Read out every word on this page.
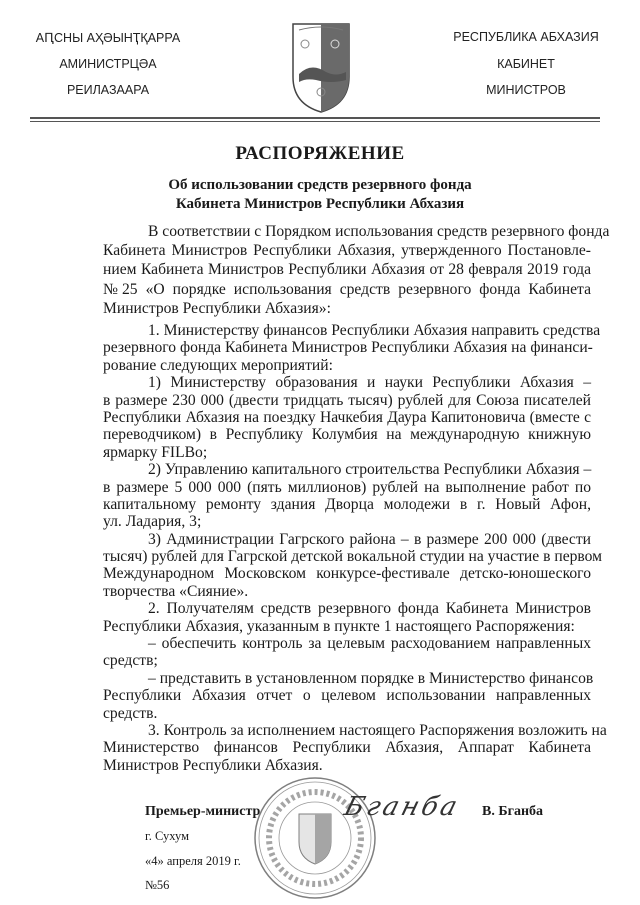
АԤСНЫ АҲӘЫНҬҚАРРА
АМИНИСТРЦӘА
РЕИЛАЗААРА
РЕСПУБЛИКА АБХАЗИЯ
КАБИНЕТ
МИНИСТРОВ
РАСПОРЯЖЕНИЕ
Об использовании средств резервного фонда
Кабинета Министров Республики Абхазия
В соответствии с Порядком использования средств резервного фонда
Кабинета Министров Республики Абхазия, утвержденного Постановле-
нием Кабинета Министров Республики Абхазия от 28 февраля 2019 года
№25 «О порядке использования средств резервного фонда Кабинета
Министров Республики Абхазия»:
1. Министерству финансов Республики Абхазия направить средства
резервного фонда Кабинета Министров Республики Абхазия на финанси-
рование следующих мероприятий:
1) Министерству образования и науки Республики Абхазия –
в размере 230 000 (двести тридцать тысяч) рублей для Союза писателей
Республики Абхазия на поездку Начкебия Даура Капитоновича (вместе с
переводчиком) в Республику Колумбия на международную книжную
ярмарку FILBo;
2) Управлению капитального строительства Республики Абхазия –
в размере 5 000 000 (пять миллионов) рублей на выполнение работ по
капитальному ремонту здания Дворца молодежи в г. Новый Афон,
ул. Ладария, 3;
3) Администрации Гагрского района – в размере 200 000 (двести
тысяч) рублей для Гагрской детской вокальной студии на участие в первом
Международном Московском конкурсе-фестивале детско-юношеского
творчества «Сияние».
2. Получателям средств резервного фонда Кабинета Министров
Республики Абхазия, указанным в пункте 1 настоящего Распоряжения:
– обеспечить контроль за целевым расходованием направленных
средств;
– представить в установленном порядке в Министерство финансов
Республики Абхазия отчет о целевом использовании направленных
средств.
3. Контроль за исполнением настоящего Распоряжения возложить на
Министерство финансов Республики Абхазия, Аппарат Кабинета
Министров Республики Абхазия.
Премьер-министр	В. Бганба
г. Сухум
«4» апреля 2019 г.
№56
Бганба
